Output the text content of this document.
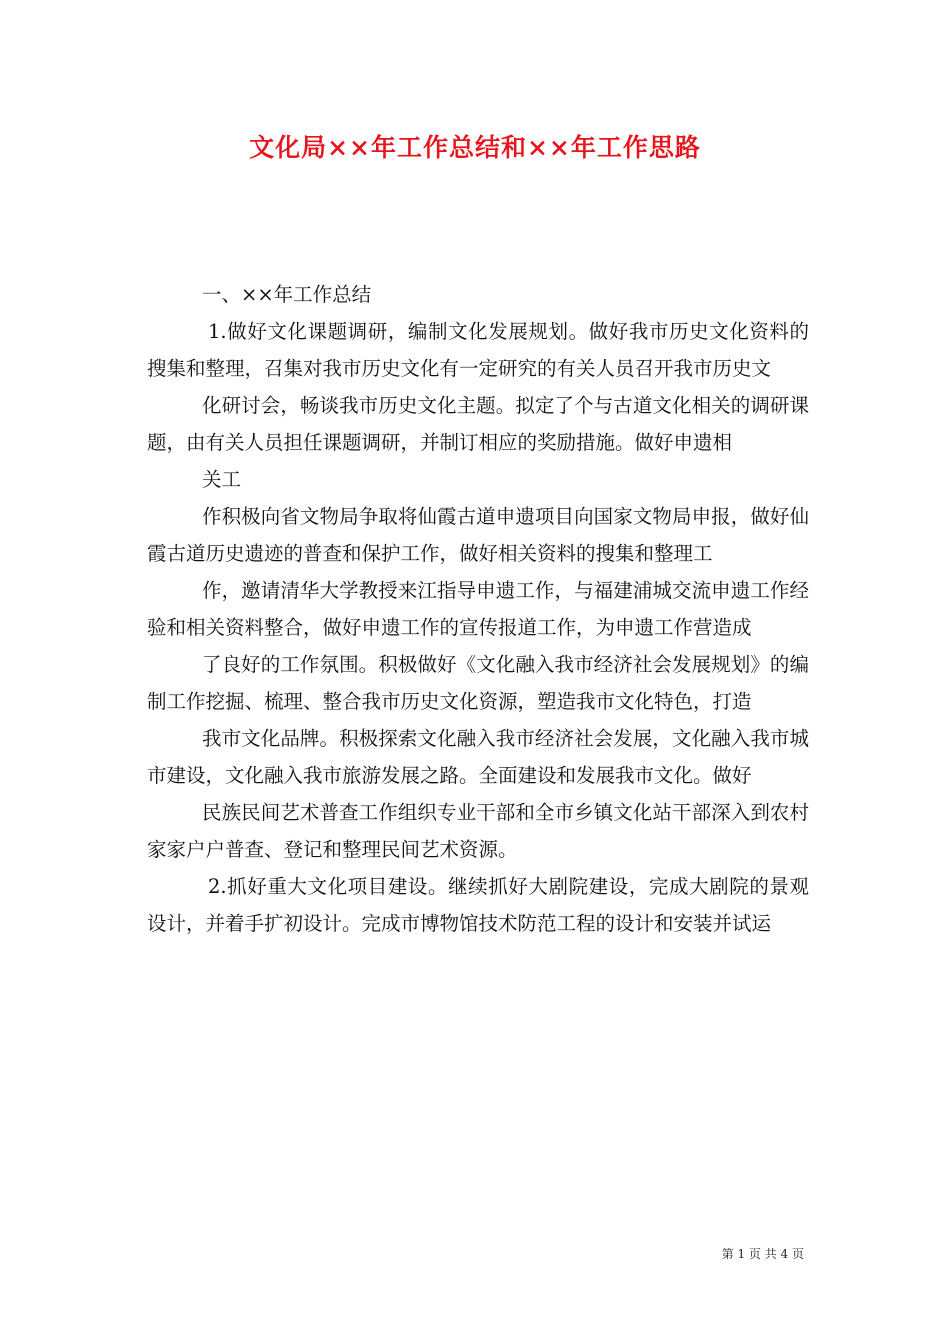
文化局××年工作总结和××年工作思路

一、××年工作总结

1.做好文化课题调研，编制文化发展规划。做好我市历史文化资料的搜集和整理，召集对我市历史文化有一定研究的有关人员召开我市历史文

化研讨会，畅谈我市历史文化主题。拟定了个与古道文化相关的调研课题，由有关人员担任课题调研，并制订相应的奖励措施。做好申遗相

关工

作积极向省文物局争取将仙霞古道申遗项目向国家文物局申报，做好仙霞古道历史遗迹的普查和保护工作，做好相关资料的搜集和整理工

作，邀请清华大学教授来江指导申遗工作，与福建浦城交流申遗工作经验和相关资料整合，做好申遗工作的宣传报道工作，为申遗工作营造成

了良好的工作氛围。积极做好《文化融入我市经济社会发展规划》的编制工作挖掘、梳理、整合我市历史文化资源，塑造我市文化特色，打造

我市文化品牌。积极探索文化融入我市经济社会发展，文化融入我市城市建设，文化融入我市旅游发展之路。全面建设和发展我市文化。做好

民族民间艺术普查工作组织专业干部和全市乡镇文化站干部深入到农村家家户户普查、登记和整理民间艺术资源。

2.抓好重大文化项目建设。继续抓好大剧院建设，完成大剧院的景观设计，并着手扩初设计。完成市博物馆技术防范工程的设计和安装并试运

第 1 页 共 4 页
